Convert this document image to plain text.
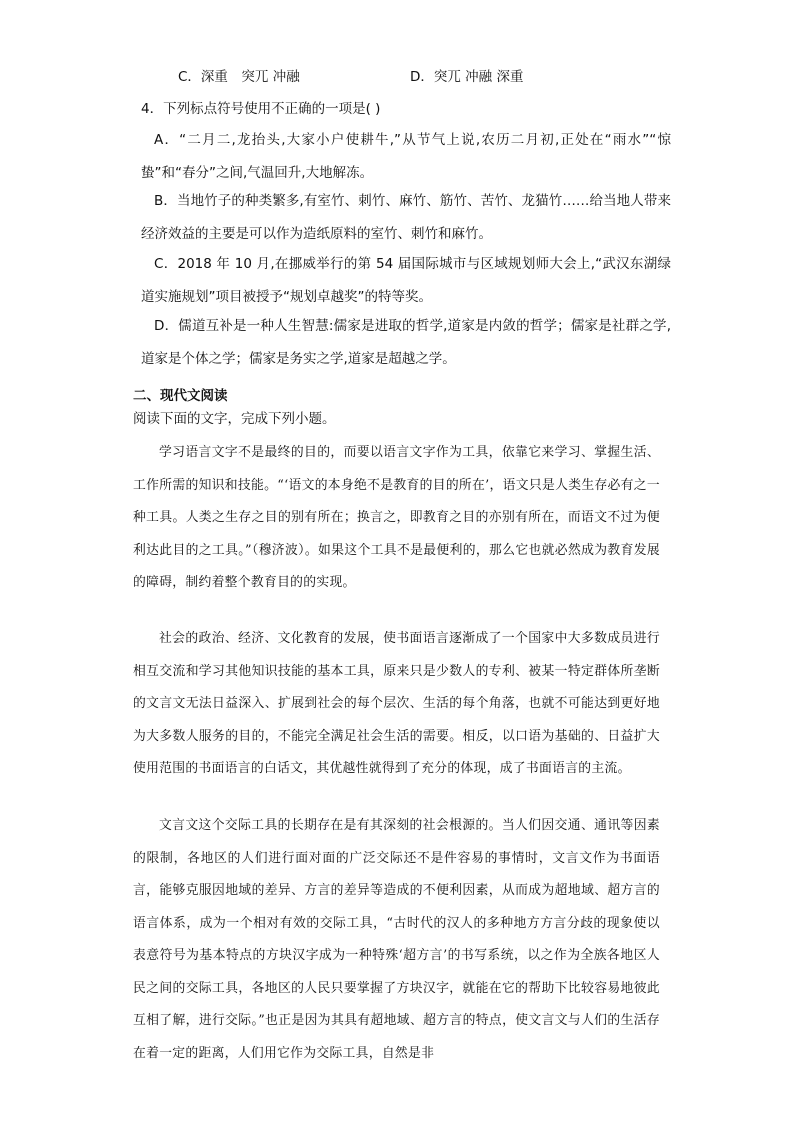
C．深重　突兀 冲融	D．突兀 冲融 深重
4．下列标点符号使用不正确的一项是( )
A．“二月二,龙抬头,大家小户使耕牛,”从节气上说,农历二月初,正处在“雨水”“惊蛰”和“春分”之间,气温回升,大地解冻。
B．当地竹子的种类繁多,有室竹、刺竹、麻竹、筋竹、苦竹、龙猫竹……给当地人带来经济效益的主要是可以作为造纸原料的室竹、刺竹和麻竹。
C．2018 年 10 月,在挪威举行的第 54 届国际城市与区域规划师大会上,“武汉东湖绿道实施规划”项目被授予“规划卓越奖”的特等奖。
D．儒道互补是一种人生智慧:儒家是进取的哲学,道家是内敛的哲学；儒家是社群之学,道家是个体之学；儒家是务实之学,道家是超越之学。
二、现代文阅读
阅读下面的文字，完成下列小题。
学习语言文字不是最终的目的，而要以语言文字作为工具，依靠它来学习、掌握生活、工作所需的知识和技能。“‘语文的本身绝不是教育的目的所在’，语文只是人类生存必有之一种工具。人类之生存之目的别有所在；换言之，即教育之目的亦别有所在，而语文不过为便利达此目的之工具。”（穆济波）。如果这个工具不是最便利的，那么它也就必然成为教育发展的障碍，制约着整个教育目的的实现。
社会的政治、经济、文化教育的发展，使书面语言逐渐成了一个国家中大多数成员进行相互交流和学习其他知识技能的基本工具，原来只是少数人的专利、被某一特定群体所垄断的文言文无法日益深入、扩展到社会的每个层次、生活的每个角落，也就不可能达到更好地为大多数人服务的目的，不能完全满足社会生活的需要。相反，以口语为基础的、日益扩大使用范围的书面语言的白话文，其优越性就得到了充分的体现，成了书面语言的主流。
文言文这个交际工具的长期存在是有其深刻的社会根源的。当人们因交通、通讯等因素的限制，各地区的人们进行面对面的广泛交际还不是件容易的事情时，文言文作为书面语言，能够克服因地域的差异、方言的差异等造成的不便利因素，从而成为超地域、超方言的语言体系，成为一个相对有效的交际工具，“古时代的汉人的多种地方方言分歧的现象使以表意符号为基本特点的方块汉字成为一种特殊‘超方言’的书写系统，以之作为全族各地区人民之间的交际工具，各地区的人民只要掌握了方块汉字，就能在它的帮助下比较容易地彼此互相了解，进行交际。”也正是因为其具有超地域、超方言的特点，使文言文与人们的生活存在着一定的距离，人们用它作为交际工具，自然是非
